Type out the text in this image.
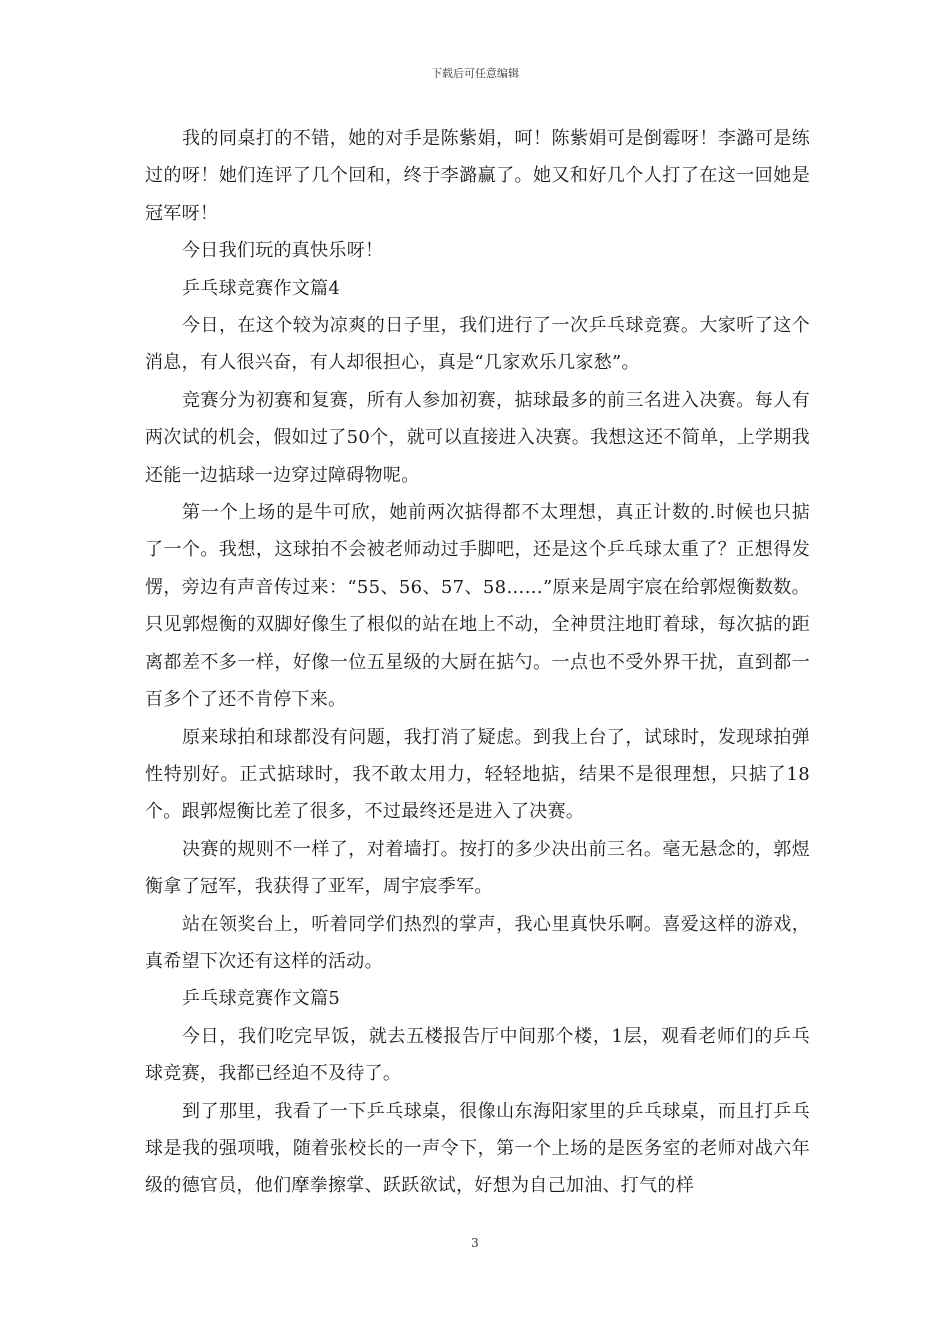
下载后可任意编辑

我的同桌打的不错，她的对手是陈紫娟，呵！陈紫娟可是倒霉呀！李潞可是练过的呀！她们连评了几个回和，终于李潞赢了。她又和好几个人打了在这一回她是冠军呀！

今日我们玩的真快乐呀！

乒乓球竞赛作文篇4

今日，在这个较为凉爽的日子里，我们进行了一次乒乓球竞赛。大家听了这个消息，有人很兴奋，有人却很担心，真是“几家欢乐几家愁”。

竞赛分为初赛和复赛，所有人参加初赛，掂球最多的前三名进入决赛。每人有两次试的机会，假如过了50个，就可以直接进入决赛。我想这还不简单，上学期我还能一边掂球一边穿过障碍物呢。

第一个上场的是牛可欣，她前两次掂得都不太理想，真正计数的.时候也只掂了一个。我想，这球拍不会被老师动过手脚吧，还是这个乒乓球太重了？正想得发愣，旁边有声音传过来：“55、56、57、58……”原来是周宇宸在给郭煜衡数数。只见郭煜衡的双脚好像生了根似的站在地上不动，全神贯注地盯着球，每次掂的距离都差不多一样，好像一位五星级的大厨在掂勺。一点也不受外界干扰，直到都一百多个了还不肯停下来。

原来球拍和球都没有问题，我打消了疑虑。到我上台了，试球时，发现球拍弹性特别好。正式掂球时，我不敢太用力，轻轻地掂，结果不是很理想，只掂了18个。跟郭煜衡比差了很多，不过最终还是进入了决赛。

决赛的规则不一样了，对着墙打。按打的多少决出前三名。毫无悬念的，郭煜衡拿了冠军，我获得了亚军，周宇宸季军。

站在领奖台上，听着同学们热烈的掌声，我心里真快乐啊。喜爱这样的游戏，真希望下次还有这样的活动。

乒乓球竞赛作文篇5

今日，我们吃完早饭，就去五楼报告厅中间那个楼，1层，观看老师们的乒乓球竞赛，我都已经迫不及待了。

到了那里，我看了一下乒乓球桌，很像山东海阳家里的乒乓球桌，而且打乒乓球是我的强项哦，随着张校长的一声令下，第一个上场的是医务室的老师对战六年级的德官员，他们摩拳擦掌、跃跃欲试，好想为自己加油、打气的样

3
